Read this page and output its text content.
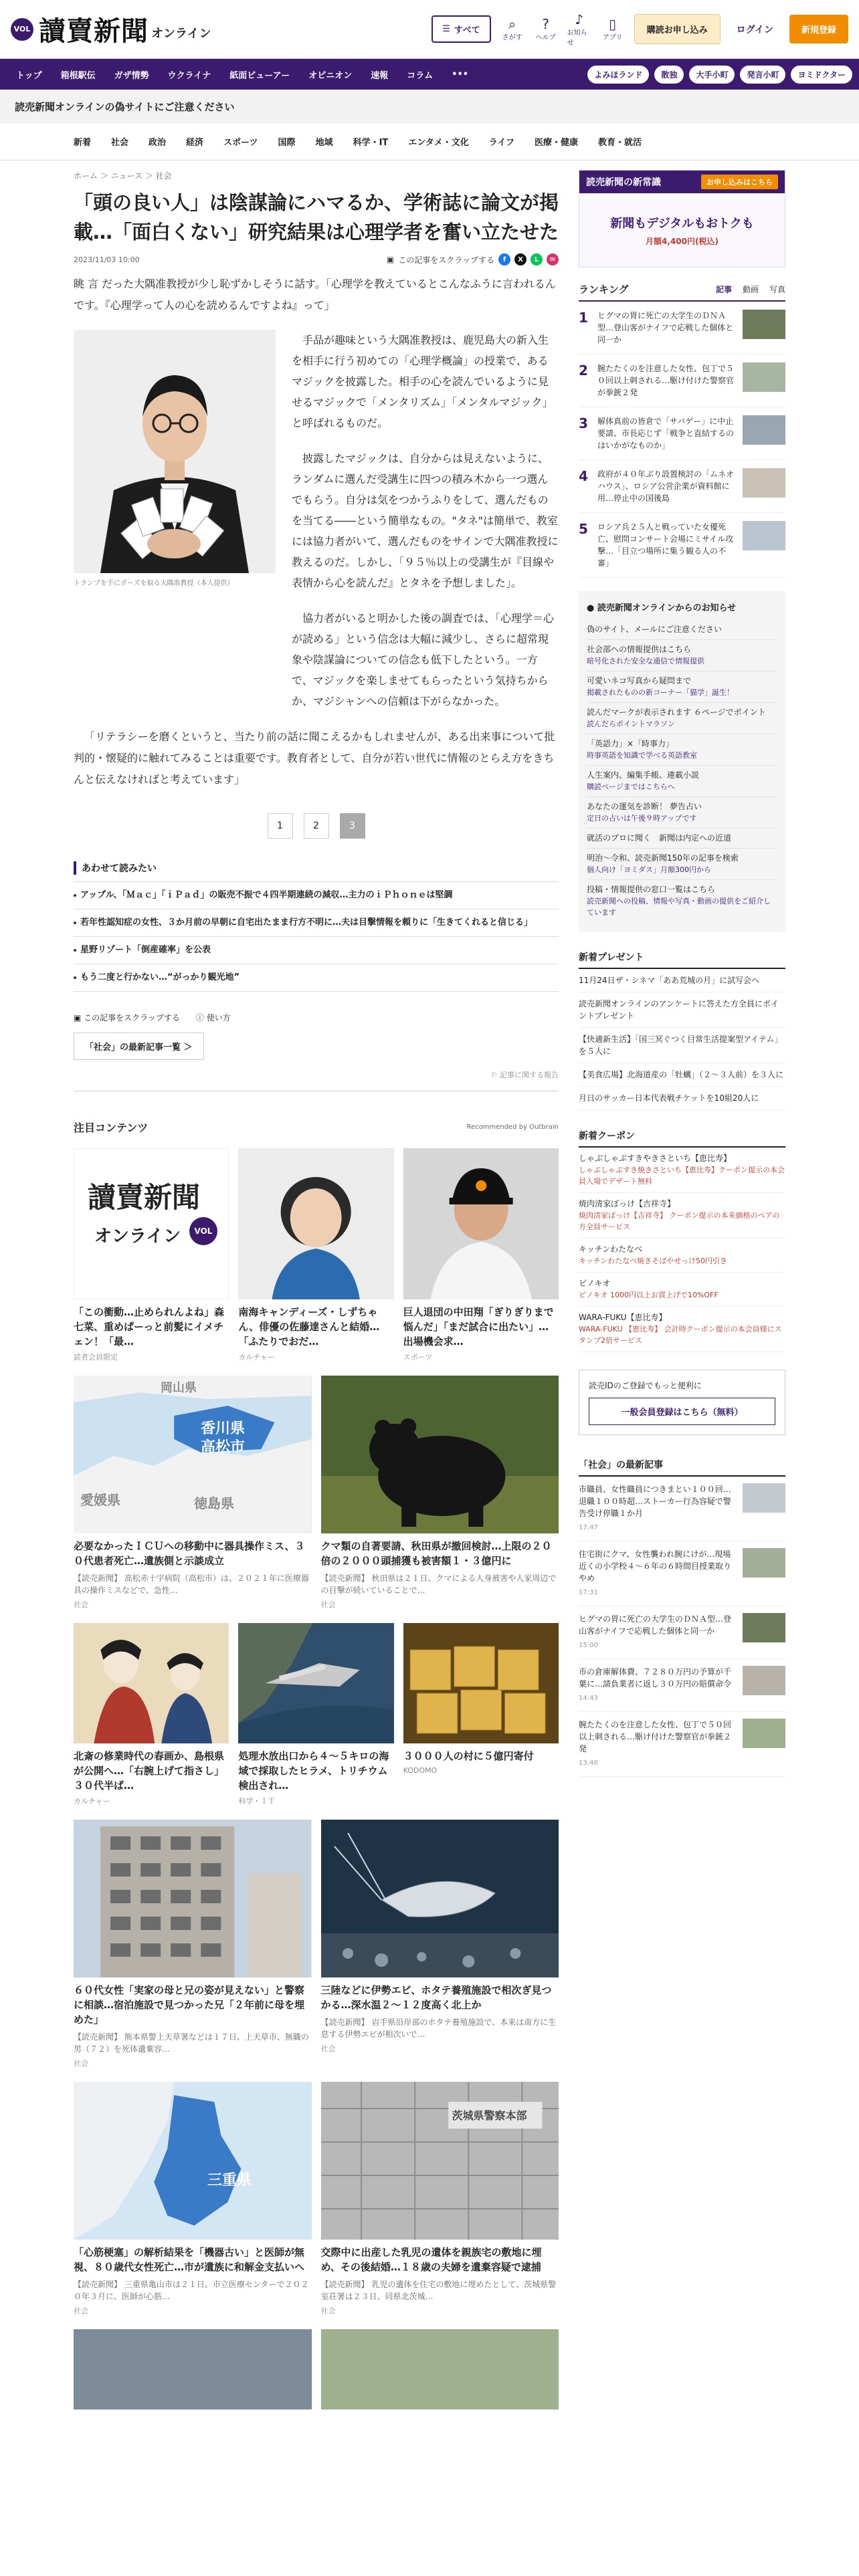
VOL 讀賣新聞 オンライン	☰ すべて ⌕
さがす
?
ヘルプ
♪
お知らせ
▯
アプリ
購読お申し込み	ログイン	新規登録
トップ	箱根駅伝	ガザ情勢	ウクライナ	紙面ビューアー	オピニオン	速報	コラム	•••	よみほランド	散独	大手小町	発言小町	ヨミドクター
読売新聞オンラインの偽サイトにご注意ください
新着 社会 政治 経済 スポーツ 国際 地域 科学・IT エンタメ・文化 ライフ 医療・健康 教育・就活
ホーム ＞ ニュース ＞ 社会
「頭の良い人」は陰謀論にハマるか、学術誌に論文が掲載…「面白くない」研究結果は心理学者を奮い立たせた
2023/11/03 10:00	▣ この記事をスクラップする	f	X	L	✉

眺 言 だった大隅准教授が少し恥ずかしそうに話す。「心理学を教えているとこんなふうに言われるんです。『心理学って人の心を読めるんですよね』って」

トランプを手にポーズを取る大隅准教授（本人提供）

手品が趣味という大隅准教授は、鹿児島大の新入生を相手に行う初めての「心理学概論」の授業で、あるマジックを披露した。相手の心を読んでいるように見せるマジックで「メンタリズム」「メンタルマジック」と呼ばれるものだ。

披露したマジックは、自分からは見えないように、ランダムに選んだ受講生に四つの積み木から一つ選んでもらう。自分は気をつかうふりをして、選んだものを当てる――という簡単なもの。"タネ"は簡単で、教室には協力者がいて、選んだものをサインで大隅准教授に教えるのだ。しかし、「９５％以上の受講生が『目線や表情から心を読んだ』とタネを予想しました」。

協力者がいると明かした後の調査では、「心理学＝心が読める」という信念は大幅に減少し、さらに超常現象や陰謀論についての信念も低下したという。一方で、マジックを楽しませてもらったという気持ちからか、マジシャンへの信頼は下がらなかった。

「リテラシーを磨くというと、当たり前の話に聞こえるかもしれませんが、ある出来事について批判的・懐疑的に触れてみることは重要です。教育者として、自分が若い世代に情報のとらえ方をきちんと伝えなければと考えています」

1	2	3
あわせて読みたい
アップル、「Ｍａｃ」「ｉＰａｄ」の販売不振で４四半期連続の減収…主力のｉＰｈｏｎｅは堅調
若年性認知症の女性、３か月前の早朝に自宅出たまま行方不明に…夫は目撃情報を頼りに「生きてくれると信じる」
星野リゾート「倒産確率」を公表
もう二度と行かない…“がっかり観光地”
▣ この記事をスクラップする ⓘ 使い方
「社会」の最新記事一覧 ＞
⚐ 記事に関する報告
注目コンテンツ	Recommended by Outbrain
讀賣新聞
オンライン	VOL
「この衝動…止められんよね」森七菜、重めぱーっと前髪にイメチェン！「最…
読者会員限定
南海キャンディーズ・しずちゃん、俳優の佐藤達さんと結婚…「ふたりでおだ…
カルチャー
巨人退団の中田翔「ぎりぎりまで悩んだ」「まだ試合に出たい」…出場機会求…
スポーツ
香川県
高松市
徳島県
愛媛県
岡山県
必要なかったＩＣＵへの移動中に器具操作ミス、３０代患者死亡…遺族側と示談成立
【読売新聞】 高松赤十字病院（高松市）は、２０２１年に医療器具の操作ミスなどで、急性…
社会
クマ類の自著要請、秋田県が撤回検討…上限の２０倍の２０００頭捕獲も被害額１・３億円に
【読売新聞】 秋田県は２１日、クマによる人身被害や人家周辺での目撃が続いていることで…
社会
北斎の修業時代の春画か、島根県が公開へ…「右腕上げて指さし」３０代半ば…
カルチャー
処理水放出口から４～５キロの海域で採取したヒラメ、トリチウム検出され…
科学・ＩＴ
３０００人の村に５億円寄付
KODOMO
６０代女性「実家の母と兄の姿が見えない」と警察に相談…宿泊施設で見つかった兄「２年前に母を埋めた」
【読売新聞】 熊本県警上天草署などは１７日、上天草市、無職の男（７２）を死体遺棄容…
社会
三陸などに伊勢エビ、ホタテ養殖施設で相次ぎ見つかる…深水温２～１２度高く北上か
【読売新聞】 岩手県沿岸部のホタテ養殖施設で、本来は南方に生息する伊勢エビが相次いで…
社会
三重県
「心筋梗塞」の解析結果を「機器古い」と医師が無視、８０歳代女性死亡…市が遺族に和解金支払いへ
【読売新聞】 三重県亀山市は２１日、市立医療センターで２０２０年３月に、医師が心筋…
社会
茨城県警察本部
交際中に出産した乳児の遺体を親族宅の敷地に埋め、その後結婚…１８歳の夫婦を遺棄容疑で逮捕
【読売新聞】 乳児の遺体を住宅の敷地に埋めたとして、茨城県警室荘署は２３日、同県北茨城…
社会
読売新聞の新常識	お申し込みはこちら
新聞もデジタルもおトクも
月額4,400円(税込)
ランキング	記事 動画 写真
1	ヒグマの胃に死亡の大学生のＤＮＡ型…登山客がナイフで応戦した個体と同一か
2	腕たたくのを注意した女性、包丁で５０回以上刺される…駆け付けた警察官が拳銃２発
3	解体真前の皆倉で「サバゲー」に中止要請、市長応じず「戦争と直結するのはいかがなものか」
4	政府が４０年ぶり設置検討の「ムネオハウス」、ロシア公営企業が資料館に用…停止中の国後島
5	ロシア兵２５人と戦っていた女優死亡、慰問コンサート会場にミサイル攻撃…「目立つ場所に集う観る人の不審」
● 読売新聞オンラインからのお知らせ
偽のサイト、メールにご注意ください
社会部への情報提供はこちら
暗号化された安全な通信で情報提供
可愛いネコ写真から疑問まで
掲載されたものの新コーナー「猫学」誕生！
読んだマークが表示されます ６ページでポイント
読んだらポイントマラソン
「英語力」×「時事力」
時事英語を知識で学べる英語教室
人生案内、編集手帳、連載小説
購読ページまではこちらへ
あなたの運気を診断！ 夢告占い
定日の占いは午後９時アップです
就活のプロに聞く　新聞は内定への近道
明治〜令和、読売新聞150年の記事を検索
個人向け「ヨミダス」月額300円から
投稿・情報提供の窓口一覧はこちら
読売新聞への投稿、情報や写真・動画の提供をご紹介しています
新着プレゼント
11月24日ザ・シネマ「ああ荒城の月」に試写会へ
読売新聞オンラインのアンケートに答えた方全員にポイントプレゼント
【快適新生活】「国三冥ぐつく目常生活提案型アイテム」を５人に
【美食広場】北海道産の「牡蠣」（２～３人前）を３人に
月日のサッカー日本代表戦チケットを10組20人に
新着クーポン
しゃぶしゃぶすきやきさといち【恵比寿】
しゃぶしゃぶすき焼きさといち【恵比寿】クーポン提示の本会員入場でデザート無料
焼肉清家ぼっけ【吉祥寺】
焼肉清家ぼっけ【吉祥寺】 クーポン提示の本来価格のペアの方全員サービス
キッチンわたなべ
キッチンわたなべ焼きそばやせっけ50円引き
ピノキオ
ピノキオ 1000円以上お買上げで10%OFF
WARA-FUKU【恵比寿】
WARA-FUKU 【恵比寿】 会計時クーポン提示の本会員様にスタンプ2倍サービス
読売IDのご登録でもっと便利に
一般会員登録はこちら（無料）
「社会」の最新記事
市職員、女性職員につきまとい１００回…退職１００時超…ストーカー行為容疑で警告受け停職１か月
17:47
住宅街にクマ、女性襲われ腕にけが…現場近くの小学校４～６年の６時間目授業取りやめ
17:31
ヒグマの胃に死亡の大学生のＤＮＡ型…登山客がナイフで応戦した個体と同一か
15:00
市の倉庫解体費、７２８０万円の予算が千葉に…請負業者に返し３０万円の賠償命令
14:43
腕たたくのを注意した女性、包丁で５０回以上刺される…駆け付けた警察官が拳銃２発
13:46
